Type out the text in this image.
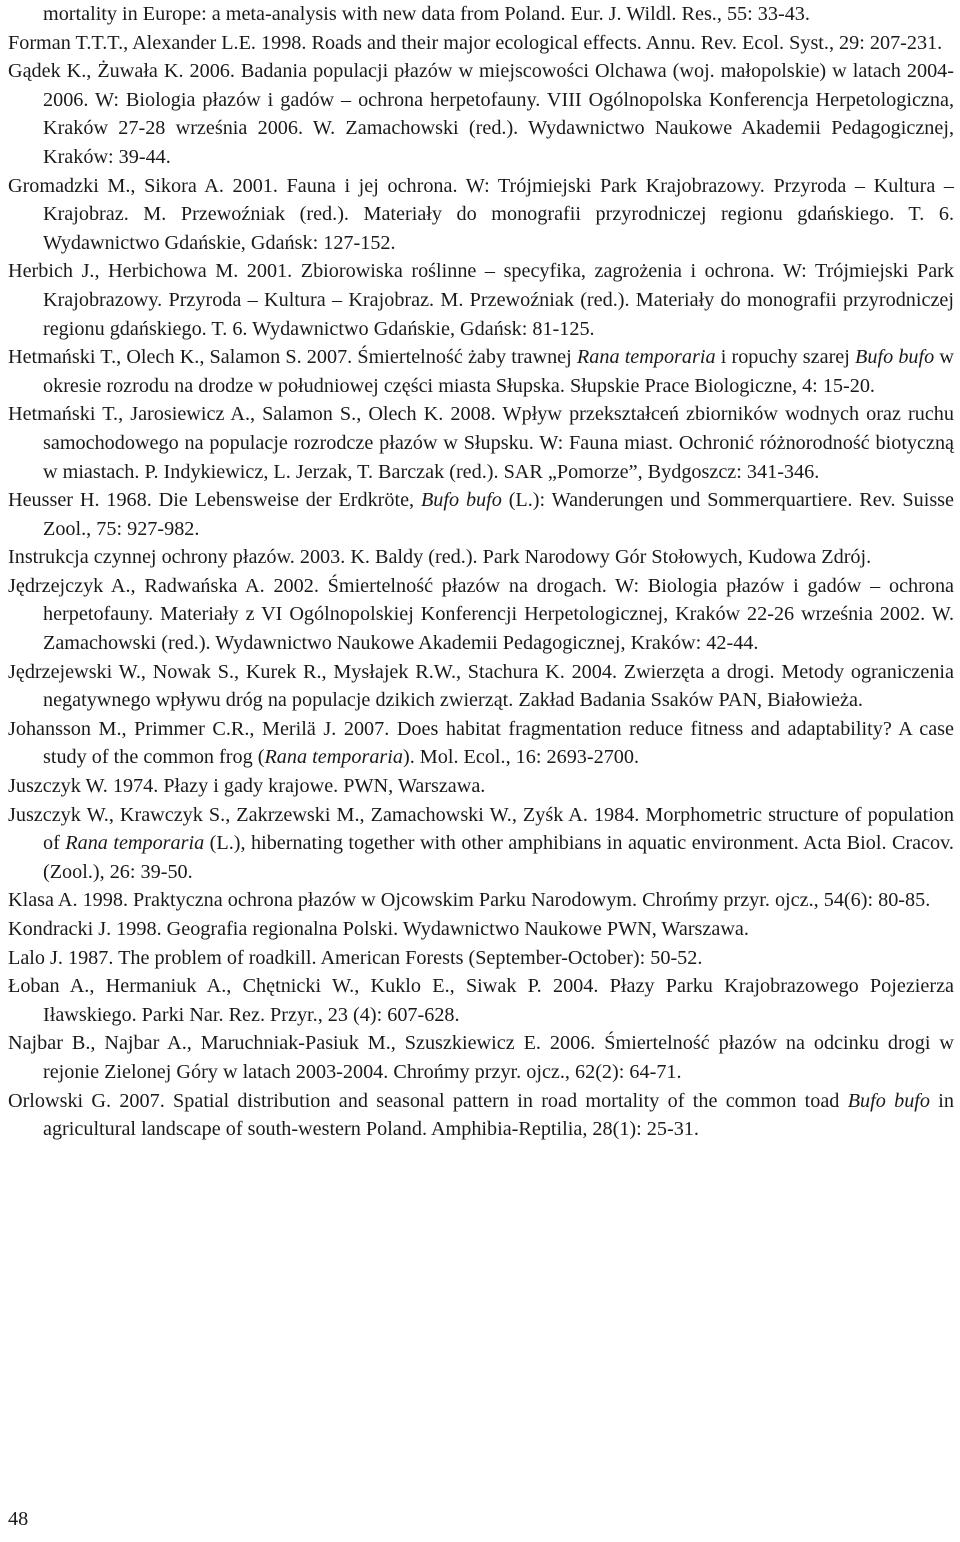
mortality in Europe: a meta-analysis with new data from Poland. Eur. J. Wildl. Res., 55: 33-43.

Forman T.T.T., Alexander L.E. 1998. Roads and their major ecological effects. Annu. Rev. Ecol. Syst., 29: 207-231.

Gądek K., Żuwała K. 2006. Badania populacji płazów w miejscowości Olchawa (woj. małopolskie) w latach 2004-2006. W: Biologia płazów i gadów – ochrona herpetofauny. VIII Ogólnopolska Konferencja Herpetologiczna, Kraków 27-28 września 2006. W. Zamachowski (red.). Wydawnictwo Naukowe Akademii Pedagogicznej, Kraków: 39-44.

Gromadzki M., Sikora A. 2001. Fauna i jej ochrona. W: Trójmiejski Park Krajobrazowy. Przyroda – Kultura – Krajobraz. M. Przewoźniak (red.). Materiały do monografii przyrodniczej regionu gdańskiego. T. 6. Wydawnictwo Gdańskie, Gdańsk: 127-152.

Herbich J., Herbichowa M. 2001. Zbiorowiska roślinne – specyfika, zagrożenia i ochrona. W: Trójmiejski Park Krajobrazowy. Przyroda – Kultura – Krajobraz. M. Przewoźniak (red.). Materiały do monografii przyrodniczej regionu gdańskiego. T. 6. Wydawnictwo Gdańskie, Gdańsk: 81-125.

Hetmański T., Olech K., Salamon S. 2007. Śmiertelność żaby trawnej Rana temporaria i ropuchy szarej Bufo bufo w okresie rozrodu na drodze w południowej części miasta Słupska. Słupskie Prace Biologiczne, 4: 15-20.

Hetmański T., Jarosiewicz A., Salamon S., Olech K. 2008. Wpływ przekształceń zbiorników wodnych oraz ruchu samochodowego na populacje rozrodcze płazów w Słupsku. W: Fauna miast. Ochronić różnorodność biotyczną w miastach. P. Indykiewicz, L. Jerzak, T. Barczak (red.). SAR „Pomorze”, Bydgoszcz: 341-346.

Heusser H. 1968. Die Lebensweise der Erdkröte, Bufo bufo (L.): Wanderungen und Sommerquartiere. Rev. Suisse Zool., 75: 927-982.

Instrukcja czynnej ochrony płazów. 2003. K. Baldy (red.). Park Narodowy Gór Stołowych, Kudowa Zdrój.

Jędrzejczyk A., Radwańska A. 2002. Śmiertelność płazów na drogach. W: Biologia płazów i gadów – ochrona herpetofauny. Materiały z VI Ogólnopolskiej Konferencji Herpetologicznej, Kraków 22-26 września 2002. W. Zamachowski (red.). Wydawnictwo Naukowe Akademii Pedagogicznej, Kraków: 42-44.

Jędrzejewski W., Nowak S., Kurek R., Mysłajek R.W., Stachura K. 2004. Zwierzęta a drogi. Metody ograniczenia negatywnego wpływu dróg na populacje dzikich zwierząt. Zakład Badania Ssaków PAN, Białowieża.

Johansson M., Primmer C.R., Merilä J. 2007. Does habitat fragmentation reduce fitness and adaptability? A case study of the common frog (Rana temporaria). Mol. Ecol., 16: 2693-2700.

Juszczyk W. 1974. Płazy i gady krajowe. PWN, Warszawa.

Juszczyk W., Krawczyk S., Zakrzewski M., Zamachowski W., Zyśk A. 1984. Morphometric structure of population of Rana temporaria (L.), hibernating together with other amphibians in aquatic environment. Acta Biol. Cracov. (Zool.), 26: 39-50.

Klasa A. 1998. Praktyczna ochrona płazów w Ojcowskim Parku Narodowym. Chrońmy przyr. ojcz., 54(6): 80-85.

Kondracki J. 1998. Geografia regionalna Polski. Wydawnictwo Naukowe PWN, Warszawa.

Lalo J. 1987. The problem of roadkill. American Forests (September-October): 50-52.

Łoban A., Hermaniuk A., Chętnicki W., Kuklo E., Siwak P. 2004. Płazy Parku Krajobrazowego Pojezierza Iławskiego. Parki Nar. Rez. Przyr., 23 (4): 607-628.

Najbar B., Najbar A., Maruchniak-Pasiuk M., Szuszkiewicz E. 2006. Śmiertelność płazów na odcinku drogi w rejonie Zielonej Góry w latach 2003-2004. Chrońmy przyr. ojcz., 62(2): 64-71.

Orlowski G. 2007. Spatial distribution and seasonal pattern in road mortality of the common toad Bufo bufo in agricultural landscape of south-western Poland. Amphibia-Reptilia, 28(1): 25-31.

48
